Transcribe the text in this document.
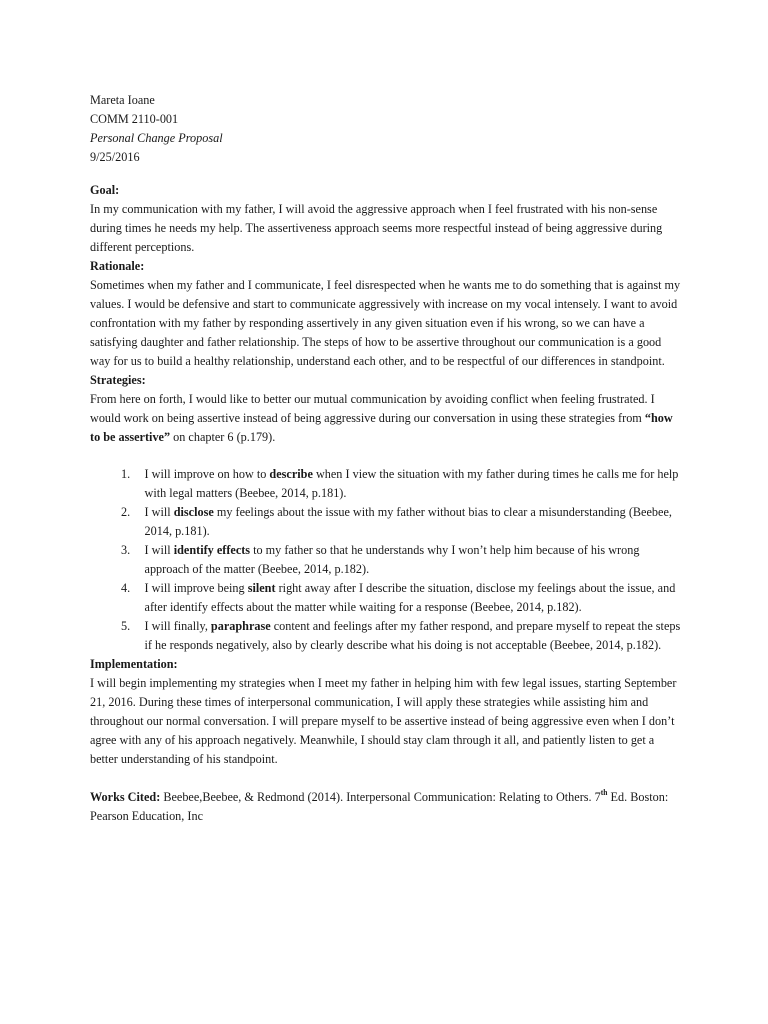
Mareta Ioane
COMM 2110-001
Personal Change Proposal
9/25/2016
Goal:

In my communication with my father, I will avoid the aggressive approach when I feel frustrated with his non-sense during times he needs my help. The assertiveness approach seems more respectful instead of being aggressive during different perceptions.

Rationale:

Sometimes when my father and I communicate, I feel disrespected when he wants me to do something that is against my values. I would be defensive and start to communicate aggressively with increase on my vocal intensely. I want to avoid confrontation with my father by responding assertively in any given situation even if his wrong, so we can have a satisfying daughter and father relationship. The steps of how to be assertive throughout our communication is a good way for us to build a healthy relationship, understand each other, and to be respectful of our differences in standpoint.

Strategies:

From here on forth, I would like to better our mutual communication by avoiding conflict when feeling frustrated. I would work on being assertive instead of being aggressive during our conversation in using these strategies from “how to be assertive” on chapter 6 (p.179).

1. I will improve on how to describe when I view the situation with my father during times he calls me for help with legal matters (Beebee, 2014, p.181).
2. I will disclose my feelings about the issue with my father without bias to clear a misunderstanding (Beebee, 2014, p.181).
3. I will identify effects to my father so that he understands why I won’t help him because of his wrong approach of the matter (Beebee, 2014, p.182).
4. I will improve being silent right away after I describe the situation, disclose my feelings about the issue, and after identify effects about the matter while waiting for a response (Beebee, 2014, p.182).
5. I will finally, paraphrase content and feelings after my father respond, and prepare myself to repeat the steps if he responds negatively, also by clearly describe what his doing is not acceptable (Beebee, 2014, p.182).
Implementation:

I will begin implementing my strategies when I meet my father in helping him with few legal issues, starting September 21, 2016. During these times of interpersonal communication, I will apply these strategies while assisting him and throughout our normal conversation. I will prepare myself to be assertive instead of being aggressive even when I don’t agree with any of his approach negatively. Meanwhile, I should stay clam through it all, and patiently listen to get a better understanding of his standpoint.

Works Cited: Beebee,Beebee, & Redmond (2014). Interpersonal Communication: Relating to Others. 7th Ed. Boston: Pearson Education, Inc
